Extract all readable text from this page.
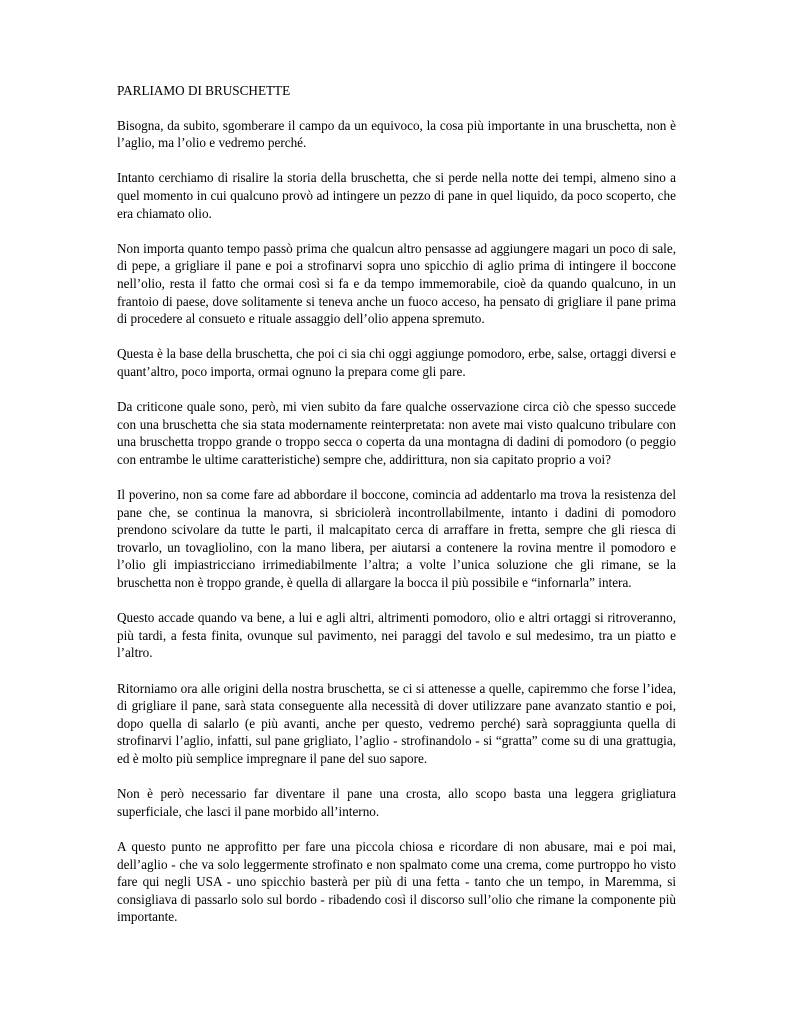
PARLIAMO DI BRUSCHETTE

Bisogna, da subito, sgomberare il campo da un equivoco, la cosa più importante in una bruschetta, non è l’aglio, ma l’olio e vedremo perché.

Intanto cerchiamo di risalire la storia della bruschetta, che si perde nella notte dei tempi, almeno sino a quel momento in cui qualcuno provò ad intingere un pezzo di pane in quel liquido, da poco scoperto, che era chiamato olio.

Non importa quanto tempo passò prima che qualcun altro pensasse ad aggiungere magari un poco di sale, di pepe, a grigliare il pane e poi a strofinarvi sopra uno spicchio di aglio prima di intingere il boccone nell’olio, resta il fatto che ormai così si fa e da tempo immemorabile, cioè da quando qualcuno, in un frantoio di paese, dove solitamente si teneva anche un fuoco acceso, ha pensato di grigliare il pane prima di procedere al consueto e rituale assaggio dell’olio appena spremuto.

Questa è la base della bruschetta, che poi ci sia chi oggi aggiunge pomodoro, erbe, salse, ortaggi diversi e quant’altro, poco importa, ormai ognuno la prepara come gli pare.

Da criticone quale sono, però, mi vien subito da fare qualche osservazione circa ciò che spesso succede con una bruschetta che sia stata modernamente reinterpretata: non avete mai visto qualcuno tribulare con una bruschetta troppo grande o troppo secca o coperta da una montagna di dadini di pomodoro (o peggio con entrambe le ultime caratteristiche) sempre che, addirittura, non sia capitato proprio a voi?

Il poverino, non sa come fare ad abbordare il boccone, comincia ad addentarlo ma trova la resistenza del pane che, se continua la manovra, si sbriciolerà incontrollabilmente, intanto i dadini di pomodoro prendono scivolare da tutte le parti, il malcapitato cerca di arraffare in fretta, sempre che gli riesca di trovarlo, un tovagliolino, con la mano libera, per aiutarsi a contenere la rovina mentre il pomodoro e l’olio gli impiastricciano irrimediabilmente l’altra; a volte l’unica soluzione che gli rimane, se la bruschetta non è troppo grande, è quella di allargare la bocca il più possibile e “infornarla” intera.

Questo accade quando va bene, a lui e agli altri, altrimenti pomodoro, olio e altri ortaggi si ritroveranno, più tardi, a festa finita, ovunque sul pavimento, nei paraggi del tavolo e sul medesimo, tra un piatto e l’altro.

Ritorniamo ora alle origini della nostra bruschetta, se ci si attenesse a quelle, capiremmo che forse l’idea, di grigliare il pane, sarà stata conseguente alla necessità di dover utilizzare pane avanzato stantio e poi, dopo quella di salarlo (e più avanti, anche per questo, vedremo perché) sarà sopraggiunta quella di strofinarvi l’aglio, infatti, sul pane grigliato, l’aglio - strofinandolo - si “gratta” come su di una grattugia, ed è molto più semplice impregnare il pane del suo sapore.

Non è però necessario far diventare il pane una crosta, allo scopo basta una leggera grigliatura superficiale, che lasci il pane morbido all’interno.

A questo punto ne approfitto per fare una piccola chiosa e ricordare di non abusare, mai e poi mai, dell’aglio - che va solo leggermente strofinato e non spalmato come una crema, come purtroppo ho visto fare qui negli USA - uno spicchio basterà per più di una fetta - tanto che un tempo, in Maremma, si consigliava di passarlo solo sul bordo - ribadendo così il discorso sull’olio che rimane la componente più importante.
